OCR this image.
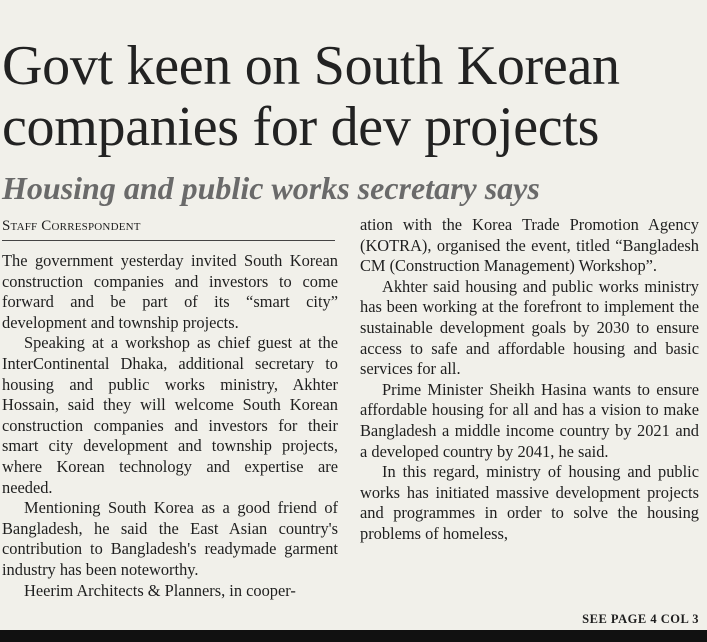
Govt keen on South Korean
companies for dev projects
Housing and public works secretary says
Staff Correspondent

The government yesterday invited South Korean construction companies and investors to come forward and be part of its “smart city” development and township projects.

Speaking at a workshop as chief guest at the InterContinental Dhaka, additional secretary to housing and public works ministry, Akhter Hossain, said they will welcome South Korean construction companies and investors for their smart city development and township projects, where Korean technology and expertise are needed.

Mentioning South Korea as a good friend of Bangladesh, he said the East Asian country's contribution to Bangladesh's readymade garment industry has been noteworthy.

Heerim Architects & Planners, in cooper-

ation with the Korea Trade Promotion Agency (KOTRA), organised the event, titled “Bangladesh CM (Construction Management) Workshop”.

Akhter said housing and public works ministry has been working at the forefront to implement the sustainable development goals by 2030 to ensure access to safe and affordable housing and basic services for all.

Prime Minister Sheikh Hasina wants to ensure affordable housing for all and has a vision to make Bangladesh a middle income country by 2021 and a developed country by 2041, he said.

In this regard, ministry of housing and public works has initiated massive development projects and programmes in order to solve the housing problems of homeless,

SEE PAGE 4 COL 3
